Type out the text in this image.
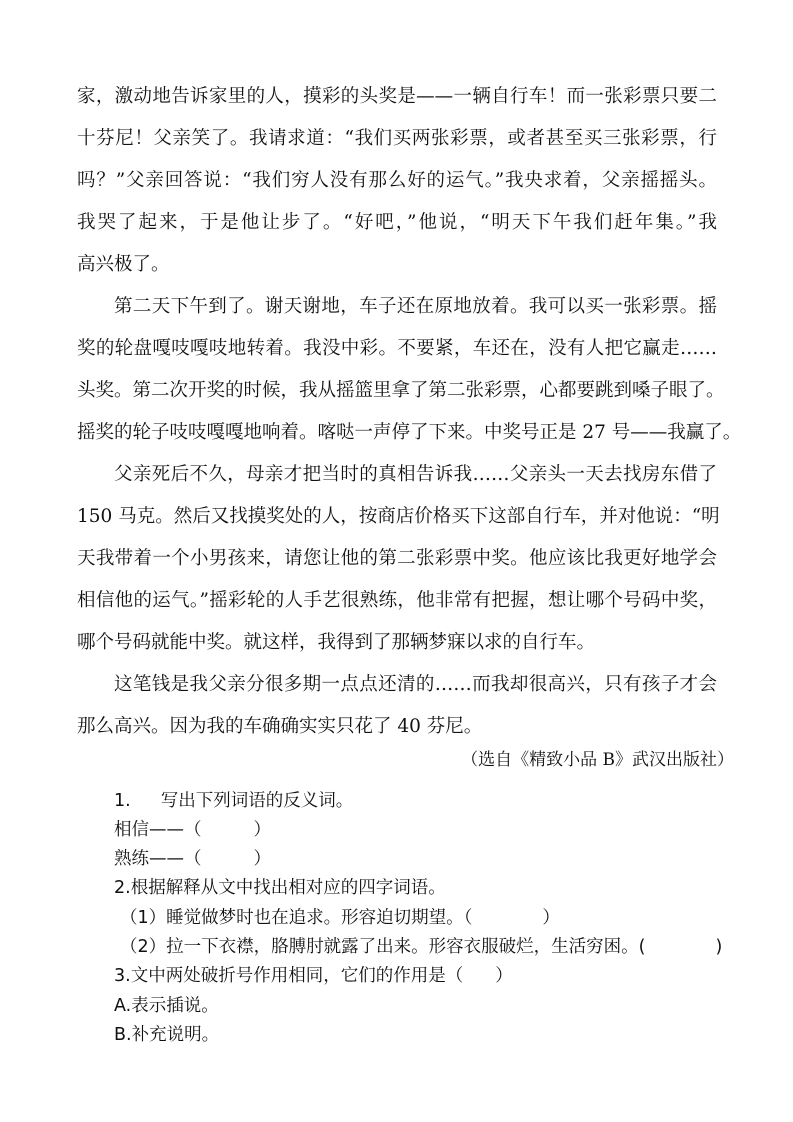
家，激动地告诉家里的人，摸彩的头奖是——一辆自行车！而一张彩票只要二
十芬尼！父亲笑了。我请求道：“我们买两张彩票，或者甚至买三张彩票，行
吗？”父亲回答说：“我们穷人没有那么好的运气。”我央求着，父亲摇摇头。
我哭了起来，于是他让步了。“好吧，”他说，“明天下午我们赶年集。”我
高兴极了。
第二天下午到了。谢天谢地，车子还在原地放着。我可以买一张彩票。摇
奖的轮盘嘎吱嘎吱地转着。我没中彩。不要紧，车还在，没有人把它赢走……
头奖。第二次开奖的时候，我从摇篮里拿了第二张彩票，心都要跳到嗓子眼了。
摇奖的轮子吱吱嘎嘎地响着。喀哒一声停了下来。中奖号正是 27 号——我赢了。
父亲死后不久，母亲才把当时的真相告诉我……父亲头一天去找房东借了
150 马克。然后又找摸奖处的人，按商店价格买下这部自行车，并对他说：“明
天我带着一个小男孩来，请您让他的第二张彩票中奖。他应该比我更好地学会
相信他的运气。”摇彩轮的人手艺很熟练，他非常有把握，想让哪个号码中奖，
哪个号码就能中奖。就这样，我得到了那辆梦寐以求的自行车。
这笔钱是我父亲分很多期一点点还清的……而我却很高兴，只有孩子才会
那么高兴。因为我的车确确实实只花了 40 芬尼。
（选自《精致小品 B》武汉出版社）
1. 写出下列词语的反义词。
相信——（	）
熟练——（	）
2.根据解释从文中找出相对应的四字词语。
（1）睡觉做梦时也在追求。形容迫切期望。（	）
（2）拉一下衣襟，胳膊肘就露了出来。形容衣服破烂，生活穷困。(	)
3.文中两处破折号作用相同，它们的作用是（ ）
A.表示插说。
B.补充说明。
